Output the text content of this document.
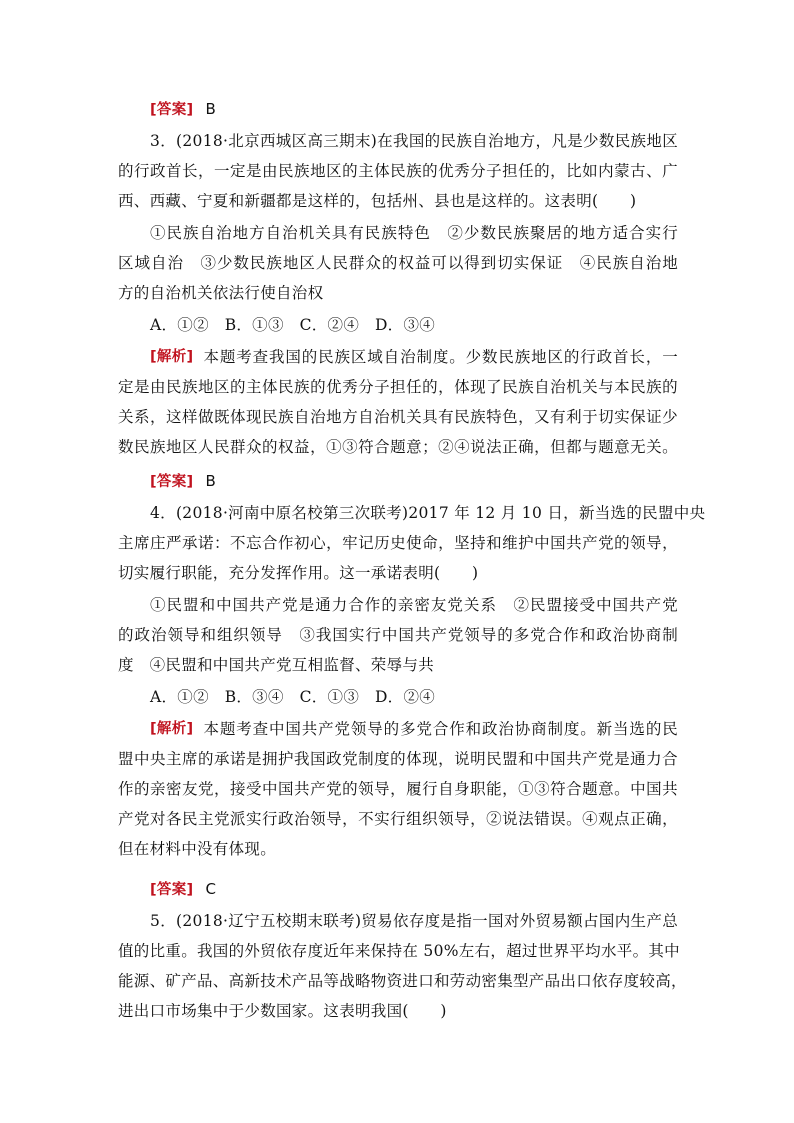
[答案] B
3．(2018·北京西城区高三期末)在我国的民族自治地方，凡是少数民族地区
的行政首长，一定是由民族地区的主体民族的优秀分子担任的，比如内蒙古、广
西、西藏、宁夏和新疆都是这样的，包括州、县也是这样的。这表明(　　)
①民族自治地方自治机关具有民族特色　②少数民族聚居的地方适合实行
区域自治　③少数民族地区人民群众的权益可以得到切实保证　④民族自治地
方的自治机关依法行使自治权
A．①②　B．①③　C．②④　D．③④
[解析] 本题考查我国的民族区域自治制度。少数民族地区的行政首长，一
定是由民族地区的主体民族的优秀分子担任的，体现了民族自治机关与本民族的
关系，这样做既体现民族自治地方自治机关具有民族特色，又有利于切实保证少
数民族地区人民群众的权益，①③符合题意；②④说法正确，但都与题意无关。
[答案] B
4．(2018·河南中原名校第三次联考)2017 年 12 月 10 日，新当选的民盟中央
主席庄严承诺：不忘合作初心，牢记历史使命，坚持和维护中国共产党的领导，
切实履行职能，充分发挥作用。这一承诺表明(　　)
①民盟和中国共产党是通力合作的亲密友党关系　②民盟接受中国共产党
的政治领导和组织领导　③我国实行中国共产党领导的多党合作和政治协商制
度　④民盟和中国共产党互相监督、荣辱与共
A．①②　B．③④　C．①③　D．②④
[解析] 本题考查中国共产党领导的多党合作和政治协商制度。新当选的民
盟中央主席的承诺是拥护我国政党制度的体现，说明民盟和中国共产党是通力合
作的亲密友党，接受中国共产党的领导，履行自身职能，①③符合题意。中国共
产党对各民主党派实行政治领导，不实行组织领导，②说法错误。④观点正确，
但在材料中没有体现。
[答案] C
5．(2018·辽宁五校期末联考)贸易依存度是指一国对外贸易额占国内生产总
值的比重。我国的外贸依存度近年来保持在 50%左右，超过世界平均水平。其中
能源、矿产品、高新技术产品等战略物资进口和劳动密集型产品出口依存度较高，
进出口市场集中于少数国家。这表明我国(　　)
